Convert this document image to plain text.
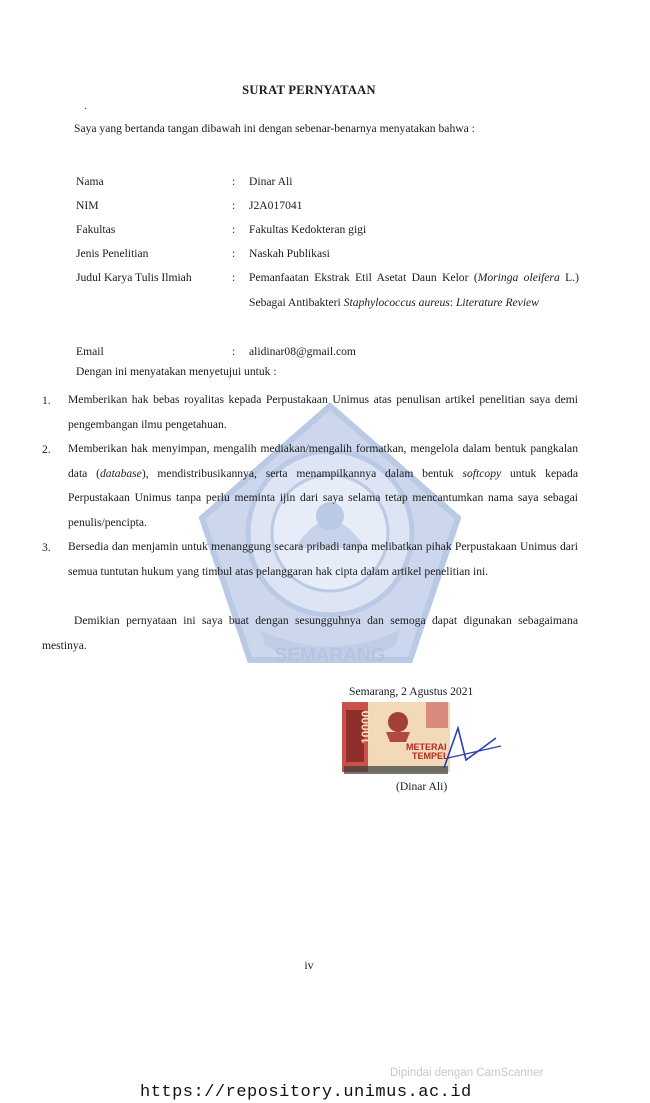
SURAT PERNYATAAN
·
Saya yang bertanda tangan dibawah ini dengan sebenar-benarnya menyatakan bahwa :
Nama	: Dinar Ali
NIM	: J2A017041
Fakultas	: Fakultas Kedokteran gigi
Jenis Penelitian	: Naskah Publikasi
Judul Karya Tulis Ilmiah	: Pemanfaatan Ekstrak Etil Asetat Daun Kelor (Moringa oleifera L.) Sebagai Antibakteri Staphylococcus aureus: Literature Review
Email	: alidinar08@gmail.com
SEMARANG
Dengan ini menyatakan menyetujui untuk :
1. Memberikan hak bebas royalitas kepada Perpustakaan Unimus atas penulisan artikel penelitian saya demi pengembangan ilmu pengetahuan.
2. Memberikan hak menyimpan, mengalih mediakan/mengalih formatkan, mengelola dalam bentuk pangkalan data (database), mendistribusikannya, serta menampilkannya dalam bentuk softcopy untuk kepada Perpustakaan Unimus tanpa perlu meminta ijin dari saya selama tetap mencantumkan nama saya sebagai penulis/pencipta.
3. Bersedia dan menjamin untuk menanggung secara pribadi tanpa melibatkan pihak Perpustakaan Unimus dari semua tuntutan hukum yang timbul atas pelanggaran hak cipta dalam artikel penelitian ini.
Demikian pernyataan ini saya buat dengan sesungguhnya dan semoga dapat digunakan sebagaimana mestinya.
Semarang, 2 Agustus 2021
METERAI
TEMPEL
10000
(Dinar Ali)
iv
Dipindai dengan CamScanner
https://repository.unimus.ac.id
